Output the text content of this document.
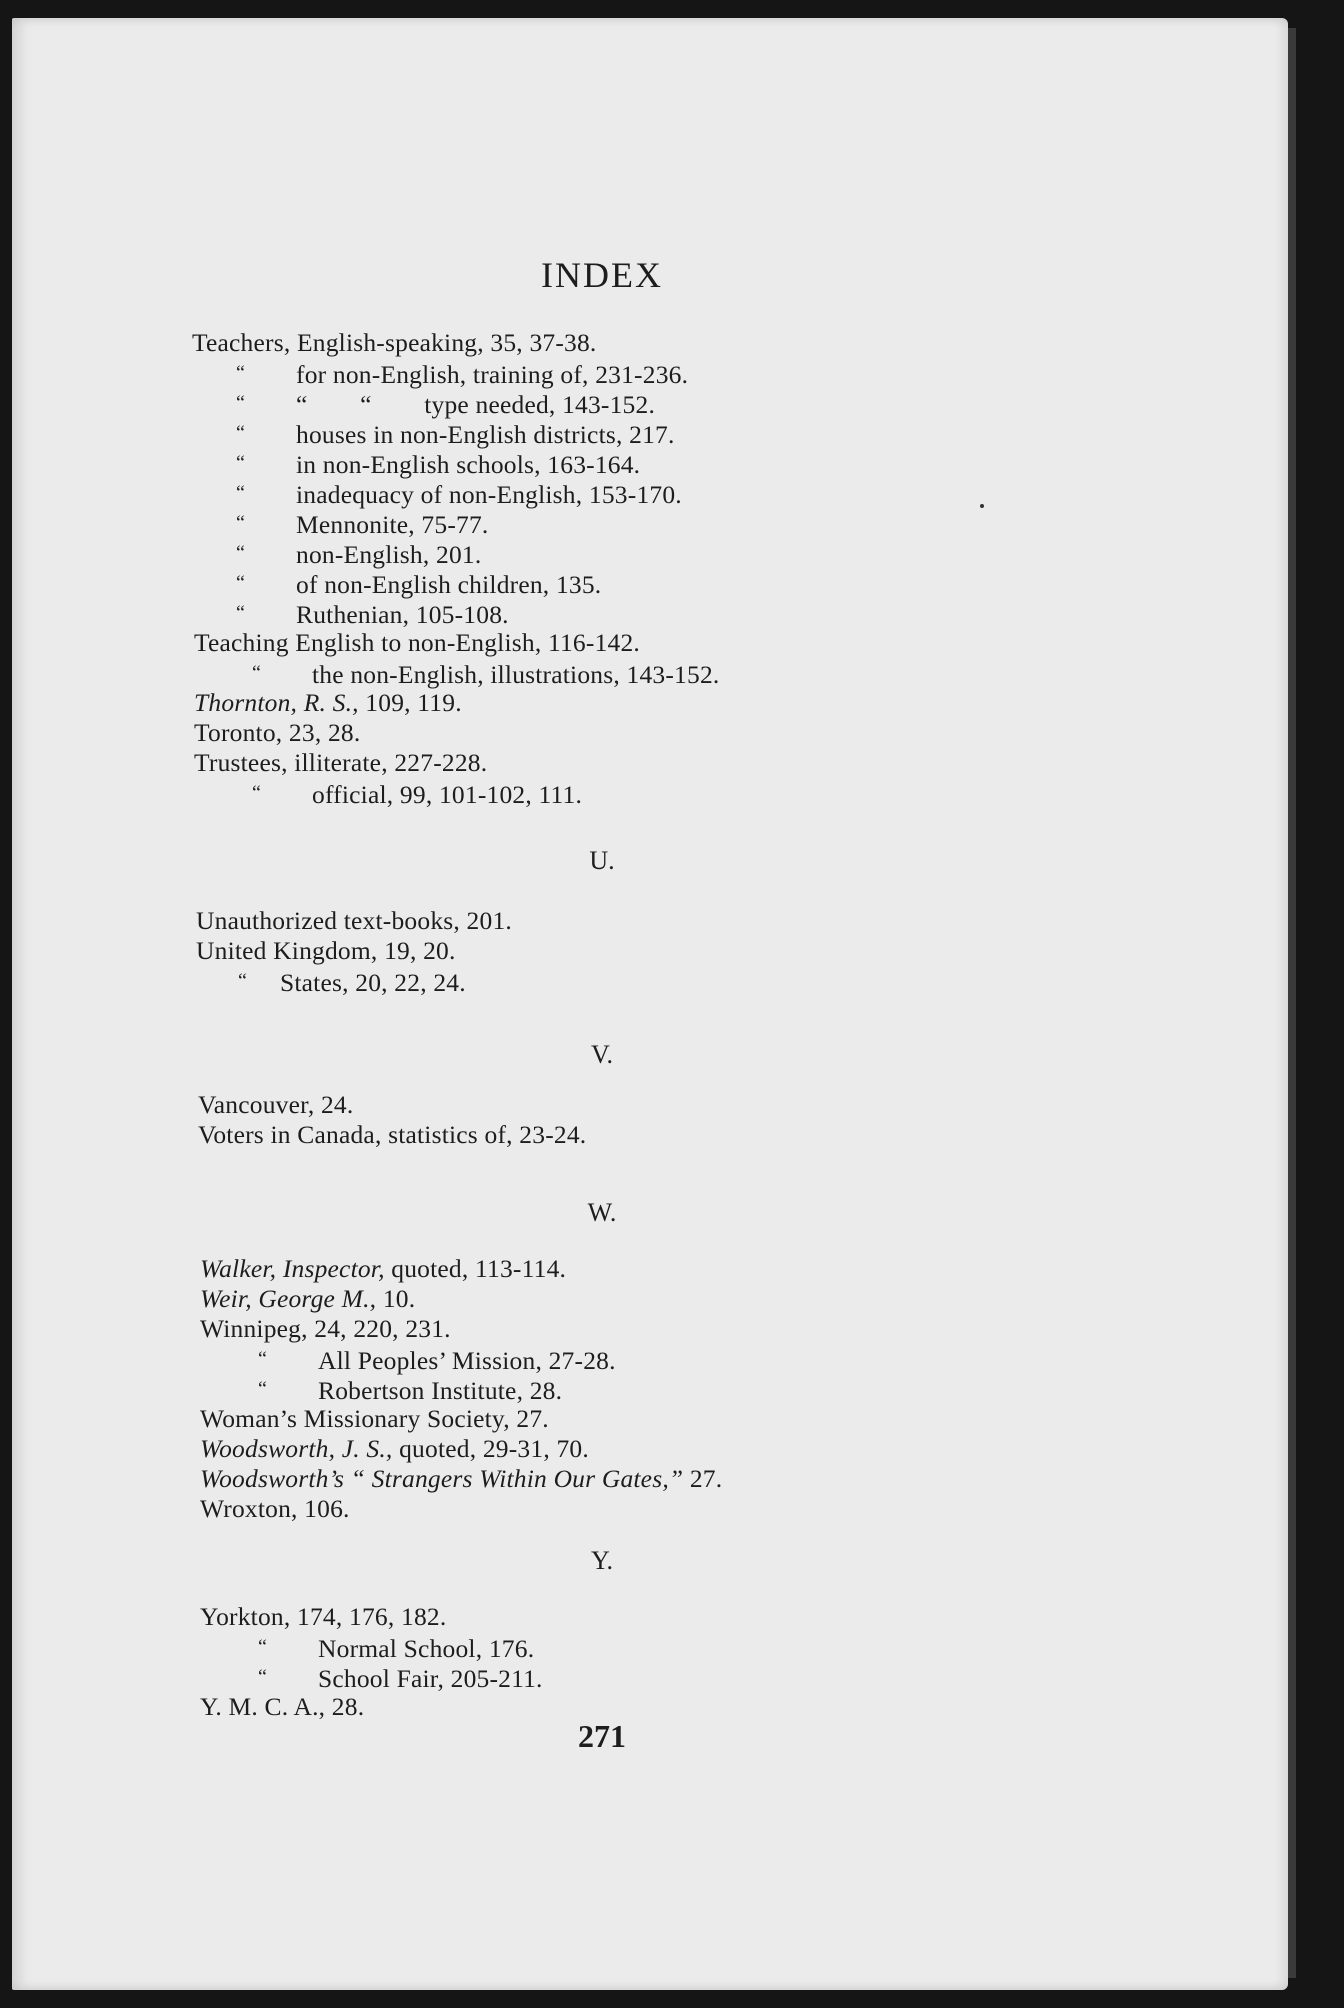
INDEX
Teachers, English-speaking, 35, 37-38.
“ for non-English, training of, 231-236.
“ “        “        type needed, 143-152.
“ houses in non-English districts, 217.
“ in non-English schools, 163-164.
“ inadequacy of non-English, 153-170.
“ Mennonite, 75-77.
“ non-English, 201.
“ of non-English children, 135.
“ Ruthenian, 105-108.
Teaching English to non-English, 116-142.
“ the non-English, illustrations, 143-152.
Thornton, R. S., 109, 119.
Toronto, 23, 28.
Trustees, illiterate, 227-228.
“ official, 99, 101-102, 111.
U.
Unauthorized text-books, 201.
United Kingdom, 19, 20.
“ States, 20, 22, 24.
V.
Vancouver, 24.
Voters in Canada, statistics of, 23-24.
W.
Walker, Inspector, quoted, 113-114.
Weir, George M., 10.
Winnipeg, 24, 220, 231.
“ All Peoples’ Mission, 27-28.
“ Robertson Institute, 28.
Woman’s Missionary Society, 27.
Woodsworth, J. S., quoted, 29-31, 70.
Woodsworth’s “ Strangers Within Our Gates,” 27.
Wroxton, 106.
Y.
Yorkton, 174, 176, 182.
“ Normal School, 176.
“ School Fair, 205-211.
Y. M. C. A., 28.
271
